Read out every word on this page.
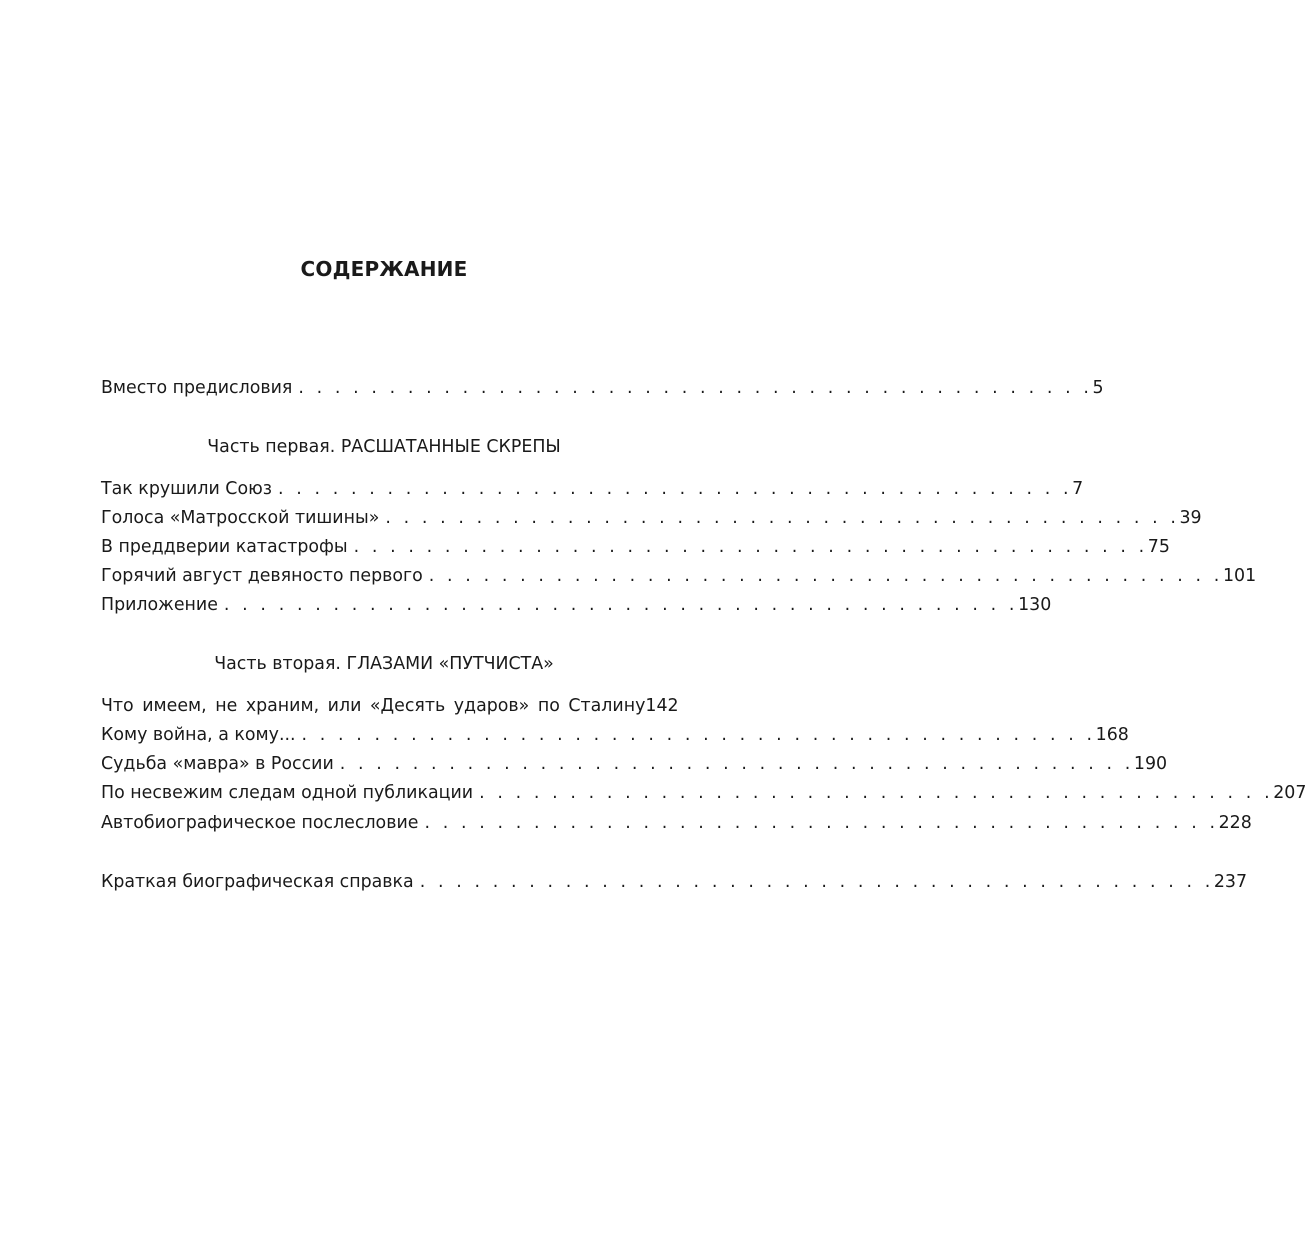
СОДЕРЖАНИЕ
Вместо предисловия . . . . . . . . . . . . . . . . . . . . . . . . . . . . . . . . . . . . . . . . . . . . 5
Часть первая. РАСШАТАННЫЕ СКРЕПЫ
Так крушили Союз . . . . . . . . . . . . . . . . . . . . . . . . . . . . . . . . . . . . . . . . . . . . 7
Голоса «Матросской тишины» . . . . . . . . . . . . . . . . . . . . . . . . . . . . . . . . . . . . . . . . . . . . 39
В преддверии катастрофы . . . . . . . . . . . . . . . . . . . . . . . . . . . . . . . . . . . . . . . . . . . . 75
Горячий август девяносто первого . . . . . . . . . . . . . . . . . . . . . . . . . . . . . . . . . . . . . . . . . . . . 101
Приложение . . . . . . . . . . . . . . . . . . . . . . . . . . . . . . . . . . . . . . . . . . . . 130
Часть вторая. ГЛАЗАМИ «ПУТЧИСТА»
Что имеем, не храним, или «Десять ударов» по Сталину 142
Кому война, а кому... . . . . . . . . . . . . . . . . . . . . . . . . . . . . . . . . . . . . . . . . . . . . 168
Судьба «мавра» в России . . . . . . . . . . . . . . . . . . . . . . . . . . . . . . . . . . . . . . . . . . . . 190
По несвежим следам одной публикации . . . . . . . . . . . . . . . . . . . . . . . . . . . . . . . . . . . . . . . . . . . . 207
Автобиографическое послесловие . . . . . . . . . . . . . . . . . . . . . . . . . . . . . . . . . . . . . . . . . . . . 228
Краткая биографическая справка . . . . . . . . . . . . . . . . . . . . . . . . . . . . . . . . . . . . . . . . . . . . 237
